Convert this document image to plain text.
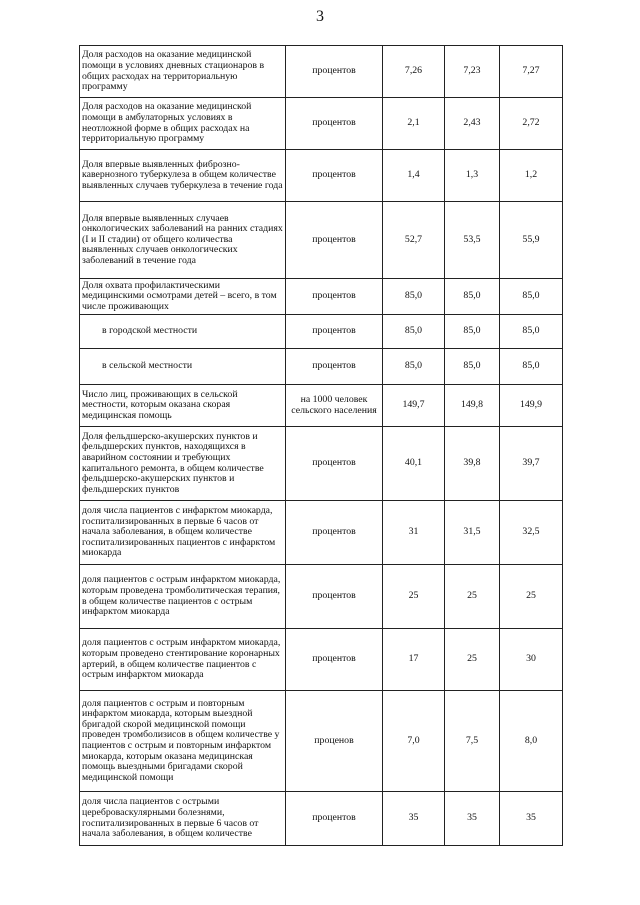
3
Доля расходов на оказание медицинской помощи в условиях дневных стационаров в общих расходах на территориальную программу	процентов	7,26	7,23	7,27
Доля расходов на оказание медицинской помощи в амбулаторных условиях в неотложной форме в общих расходах на территориальную программу	процентов	2,1	2,43	2,72
Доля впервые выявленных фиброзно-кавернозного туберкулеза в общем количестве выявленных случаев туберкулеза в течение года	процентов	1,4	1,3	1,2
Доля впервые выявленных случаев онкологических заболеваний на ранних стадиях (I и II стадии) от общего количества выявленных случаев онкологических заболеваний в течение года	процентов	52,7	53,5	55,9
Доля охвата профилактическими медицинскими осмотрами детей – всего, в том числе проживающих	процентов	85,0	85,0	85,0
в городской местности	процентов	85,0	85,0	85,0
в сельской местности	процентов	85,0	85,0	85,0
Число лиц, проживающих в сельской местности, которым оказана скорая медицинская помощь	на 1000 человек сельского населения	149,7	149,8	149,9
Доля фельдшерско-акушерских пунктов и фельдшерских пунктов, находящихся в аварийном состоянии и требующих капитального ремонта, в общем количестве фельдшерско-акушерских пунктов и фельдшерских пунктов	процентов	40,1	39,8	39,7
доля числа пациентов с инфарктом миокарда, госпитализированных в первые 6 часов от начала заболевания, в общем количестве госпитализированных пациентов с инфарктом миокарда	процентов	31	31,5	32,5
доля пациентов с острым инфарктом миокарда, которым проведена тромболитическая терапия, в общем количестве пациентов с острым инфарктом миокарда	процентов	25	25	25
доля пациентов с острым инфарктом миокарда, которым проведено стентирование коронарных артерий, в общем количестве пациентов с острым инфарктом миокарда	процентов	17	25	30
доля пациентов с острым и повторным инфарктом миокарда, которым выездной бригадой скорой медицинской помощи проведен тромболизисов в общем количестве у пациентов с острым и повторным инфарктом миокарда, которым оказана медицинская помощь выездными бригадами скорой медицинской помощи	проценов	7,0	7,5	8,0
доля числа пациентов с острыми цереброваскулярными болезнями, госпитализированных в первые 6 часов от начала заболевания, в общем количестве	процентов	35	35	35
